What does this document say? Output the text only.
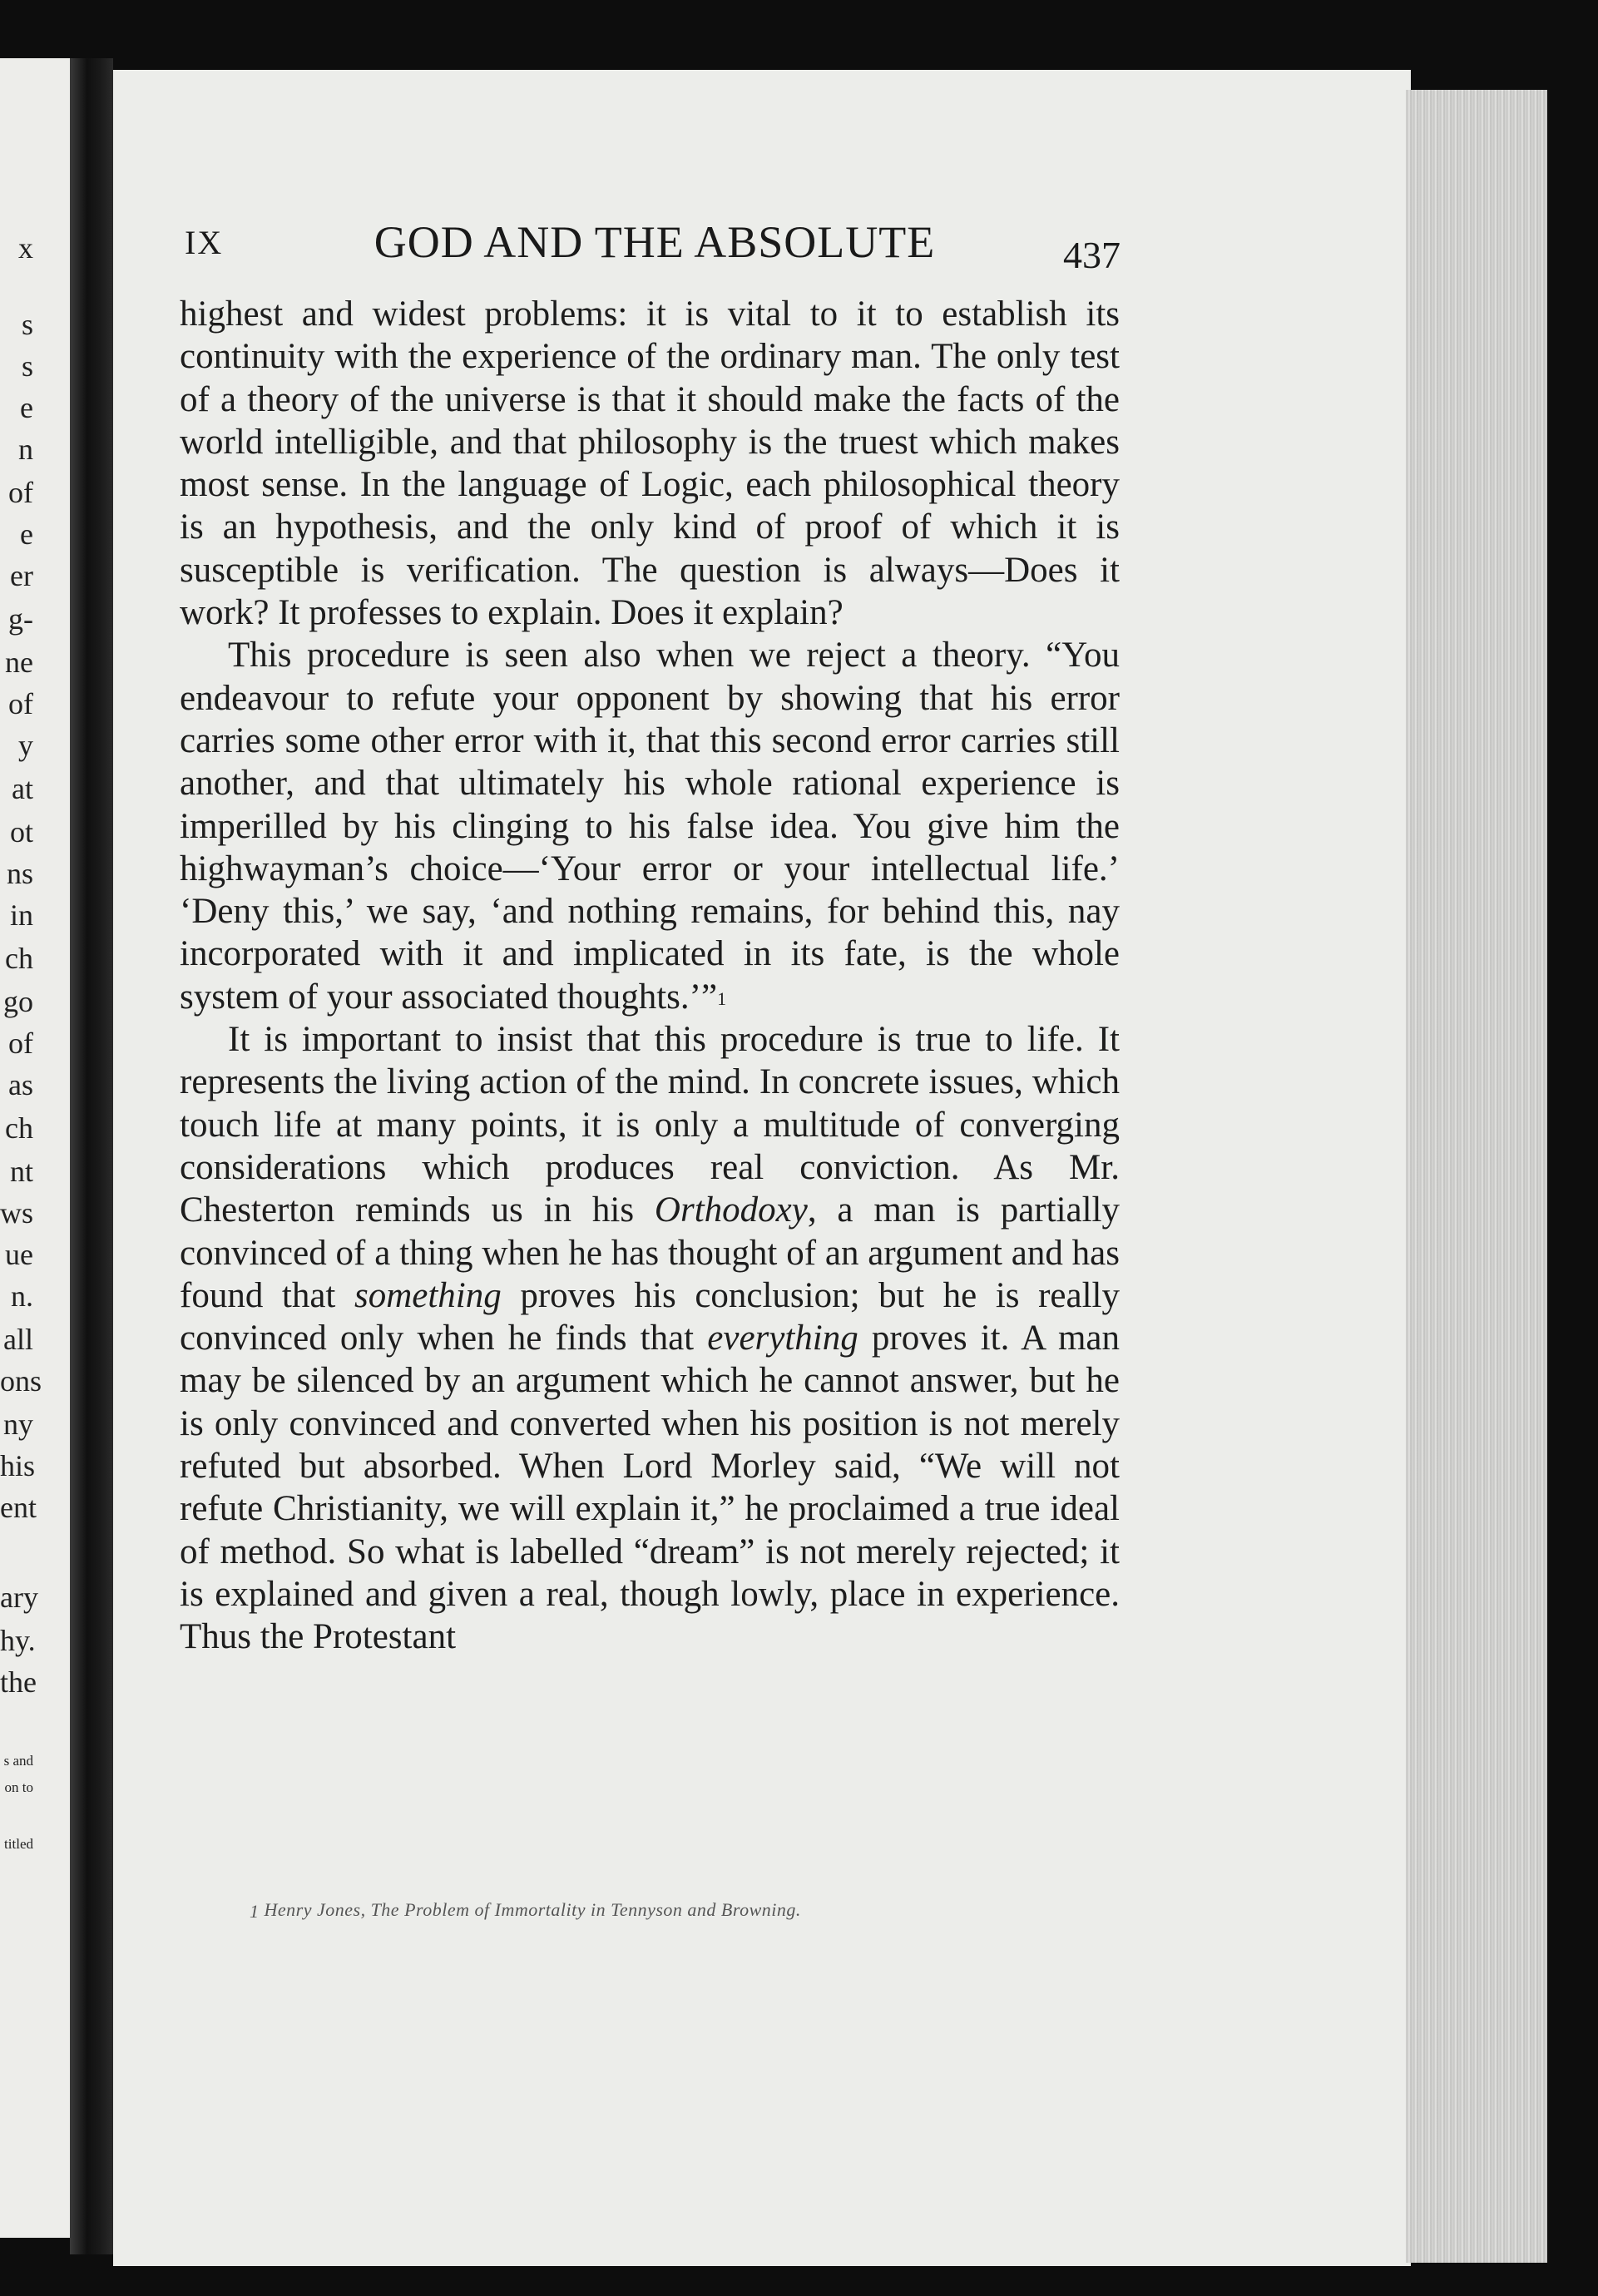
x
s
s
e
n
of
e
er
g-
ne
of
y
at
ot
ns
in
ch
go
of
as
ch
nt
ws
ue
n.
all
ons
ny
his
ent
ary
hy.
the
s and
on to
titled
IX	GOD AND THE ABSOLUTE	437

highest and widest problems: it is vital to it to establish its continuity with the experience of the ordinary man. The only test of a theory of the universe is that it should make the facts of the world intelligible, and that philosophy is the truest which makes most sense. In the language of Logic, each philosophical theory is an hypothesis, and the only kind of proof of which it is susceptible is verification. The question is always—Does it work? It professes to explain. Does it explain?

This procedure is seen also when we reject a theory. “You endeavour to refute your opponent by showing that his error carries some other error with it, that this second error carries still another, and that ultimately his whole rational experience is imperilled by his clinging to his false idea. You give him the highwayman’s choice—‘Your error or your intellectual life.’ ‘Deny this,’ we say, ‘and nothing remains, for behind this, nay incorporated with it and implicated in its fate, is the whole system of your associated thoughts.’”$^1$

It is important to insist that this procedure is true to life. It represents the living action of the mind. In concrete issues, which touch life at many points, it is only a multitude of converging considerations which produces real conviction. As Mr. Chesterton reminds us in his Orthodoxy, a man is partially convinced of a thing when he has thought of an argument and has found that something proves his conclusion; but he is really convinced only when he finds that everything proves it. A man may be silenced by an argument which he cannot answer, but he is only convinced and converted when his position is not merely refuted but absorbed. When Lord Morley said, “We will not refute Christianity, we will explain it,” he proclaimed a true ideal of method. So what is labelled “dream” is not merely rejected; it is explained and given a real, though lowly, place in experience. Thus the Protestant

$^1$ Henry Jones, The Problem of Immortality in Tennyson and Browning.
